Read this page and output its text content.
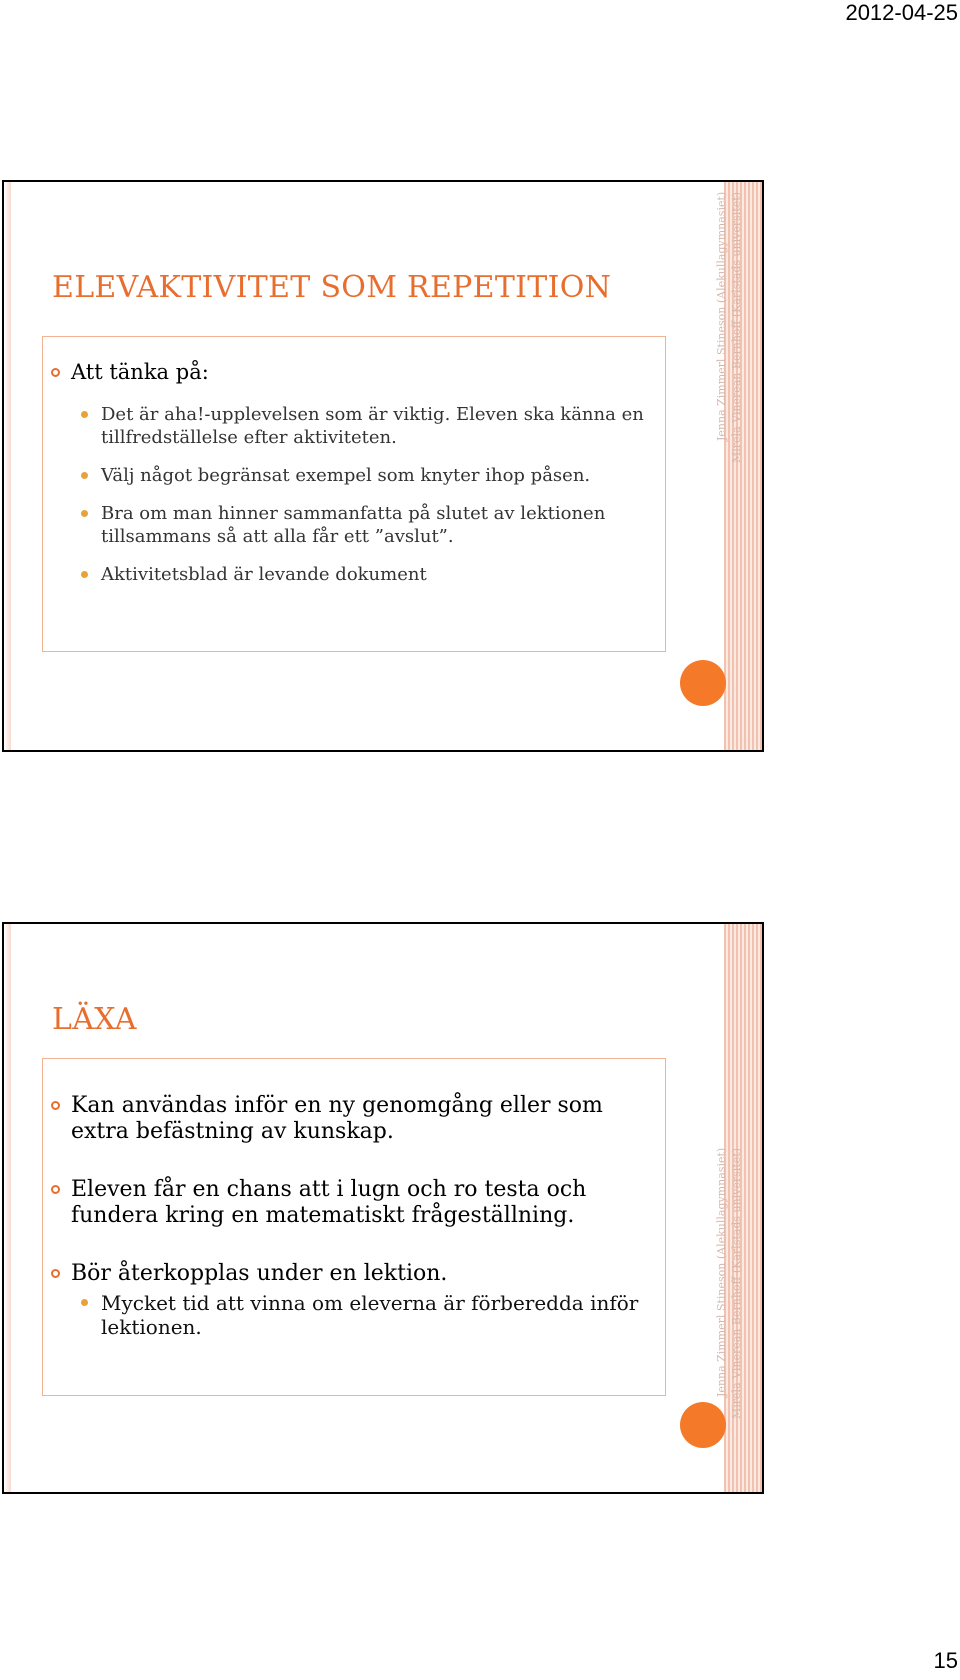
2012-04-25
Jenna Zimmerl Stineson (Alekullagymnasiet) Mirela Vinerean Bernhoff (Karlstads universitet)
ELEVAKTIVITET SOM REPETITION

Att tänka på:

Det är aha!-upplevelsen som är viktig. Eleven ska känna en tillfredställelse efter aktiviteten.

Välj något begränsat exempel som knyter ihop påsen.

Bra om man hinner sammanfatta på slutet av lektionen tillsammans så att alla får ett ”avslut”.

Aktivitetsblad är levande dokument

Jenna Zimmerl Stineson (Alekullagymnasiet) Mirela Vinerean Bernhoff (Karlstads universitet)
LÄXA

Kan användas inför en ny genomgång eller som extra befästning av kunskap.

Eleven får en chans att i lugn och ro testa och fundera kring en matematiskt frågeställning.

Bör återkopplas under en lektion.

Mycket tid att vinna om eleverna är förberedda inför lektionen.

15
